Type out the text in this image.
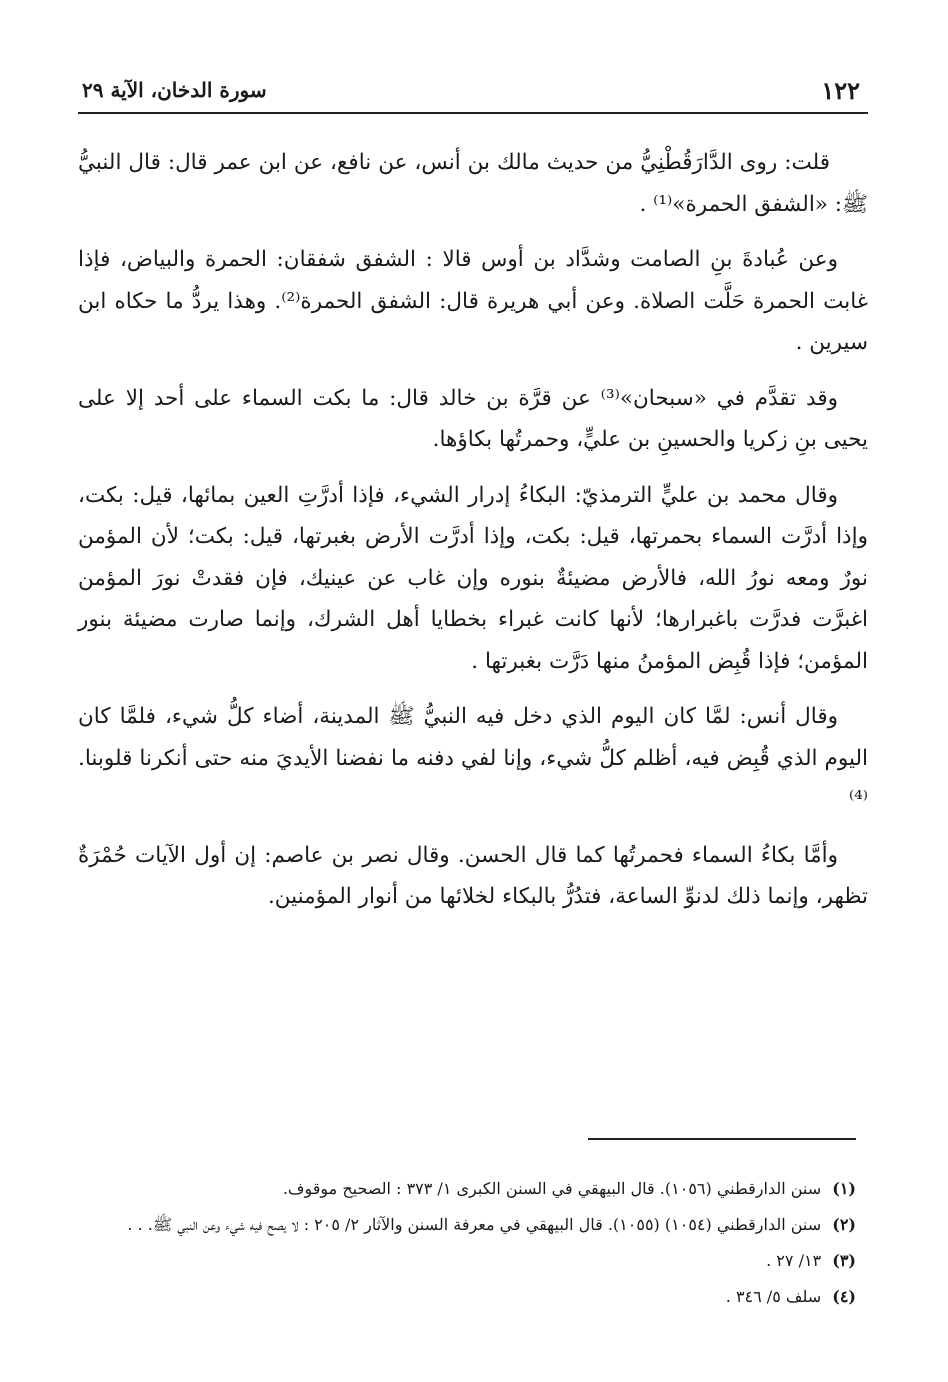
١٢٢
سورة الدخان، الآية ٢٩

قلت: روى الدَّارَقُطْنِيُّ من حديث مالك بن أنس، عن نافع، عن ابن عمر قال: قال النبيُّ ﷺ: «الشفق الحمرة»⁽¹⁾ .

وعن عُبادةَ بنِ الصامت وشدَّاد بن أوس قالا : الشفق شفقان: الحمرة والبياض، فإذا غابت الحمرة حَلَّت الصلاة. وعن أبي هريرة قال: الشفق الحمرة⁽²⁾. وهذا يردُّ ما حكاه ابن سيرين .

وقد تقدَّم في «سبحان»⁽³⁾ عن قرَّة بن خالد قال: ما بكت السماء على أحد إلا على يحيى بنِ زكريا والحسينِ بن عليٍّ، وحمرتُها بكاؤها.

وقال محمد بن عليٍّ الترمذيّ: البكاءُ إدرار الشيء، فإذا أدرَّتِ العين بمائها، قيل: بكت، وإذا أدرَّت السماء بحمرتها، قيل: بكت، وإذا أدرَّت الأرض بغبرتها، قيل: بكت؛ لأن المؤمن نورٌ ومعه نورُ الله، فالأرض مضيئةٌ بنوره وإن غاب عن عينيك، فإن فقدتْ نورَ المؤمن اغبرَّت فدرَّت باغبرارها؛ لأنها كانت غبراء بخطايا أهل الشرك، وإنما صارت مضيئة بنور المؤمن؛ فإذا قُبِض المؤمنُ منها دَرَّت بغبرتها .

وقال أنس: لمَّا كان اليوم الذي دخل فيه النبيُّ ﷺ المدينة، أضاء كلُّ شيء، فلمَّا كان اليوم الذي قُبِض فيه، أظلم كلُّ شيء، وإنا لفي دفنه ما نفضنا الأيديَ منه حتى أنكرنا قلوبنا.⁽⁴⁾

وأمَّا بكاءُ السماء فحمرتُها كما قال الحسن. وقال نصر بن عاصم: إن أول الآيات حُمْرَةٌ تظهر، وإنما ذلك لدنوِّ الساعة، فتدُرُّ بالبكاء لخلائها من أنوار المؤمنين.

(١) سنن الدارقطني (١٠٥٦). قال البيهقي في السنن الكبرى ١/ ٣٧٣ : الصحيح موقوف.

(٢) سنن الدارقطني (١٠٥٤) (١٠٥٥). قال البيهقي في معرفة السنن والآثار ٢/ ٢٠٥ : لا يصح فيه شيء وعن النبي ﷺ. . .

(٣) ١٣/ ٢٧ .

(٤) سلف ٥/ ٣٤٦ .
